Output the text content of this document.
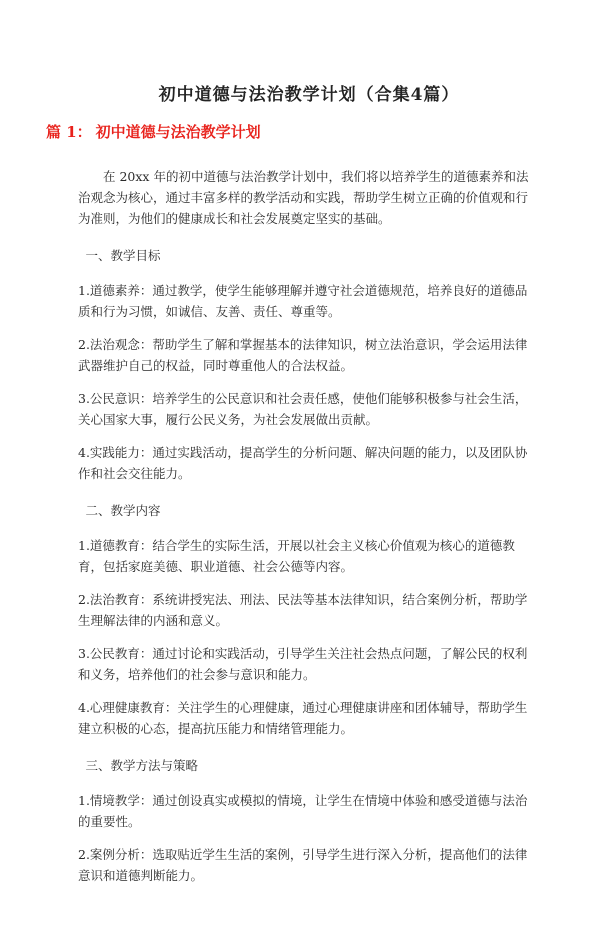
初中道德与法治教学计划（合集4篇）
篇 1： 初中道德与法治教学计划

在 20xx 年的初中道德与法治教学计划中，我们将以培养学生的道德素养和法治观念为核心，通过丰富多样的教学活动和实践，帮助学生树立正确的价值观和行为准则，为他们的健康成长和社会发展奠定坚实的基础。

一、教学目标

1.道德素养：通过教学，使学生能够理解并遵守社会道德规范，培养良好的道德品质和行为习惯，如诚信、友善、责任、尊重等。

2.法治观念：帮助学生了解和掌握基本的法律知识，树立法治意识，学会运用法律武器维护自己的权益，同时尊重他人的合法权益。

3.公民意识：培养学生的公民意识和社会责任感，使他们能够积极参与社会生活，关心国家大事，履行公民义务，为社会发展做出贡献。

4.实践能力：通过实践活动，提高学生的分析问题、解决问题的能力，以及团队协作和社会交往能力。

二、教学内容

1.道德教育：结合学生的实际生活，开展以社会主义核心价值观为核心的道德教育，包括家庭美德、职业道德、社会公德等内容。

2.法治教育：系统讲授宪法、刑法、民法等基本法律知识，结合案例分析，帮助学生理解法律的内涵和意义。

3.公民教育：通过讨论和实践活动，引导学生关注社会热点问题，了解公民的权利和义务，培养他们的社会参与意识和能力。

4.心理健康教育：关注学生的心理健康，通过心理健康讲座和团体辅导，帮助学生建立积极的心态，提高抗压能力和情绪管理能力。

三、教学方法与策略

1.情境教学：通过创设真实或模拟的情境，让学生在情境中体验和感受道德与法治的重要性。

2.案例分析：选取贴近学生生活的案例，引导学生进行深入分析，提高他们的法律意识和道德判断能力。
